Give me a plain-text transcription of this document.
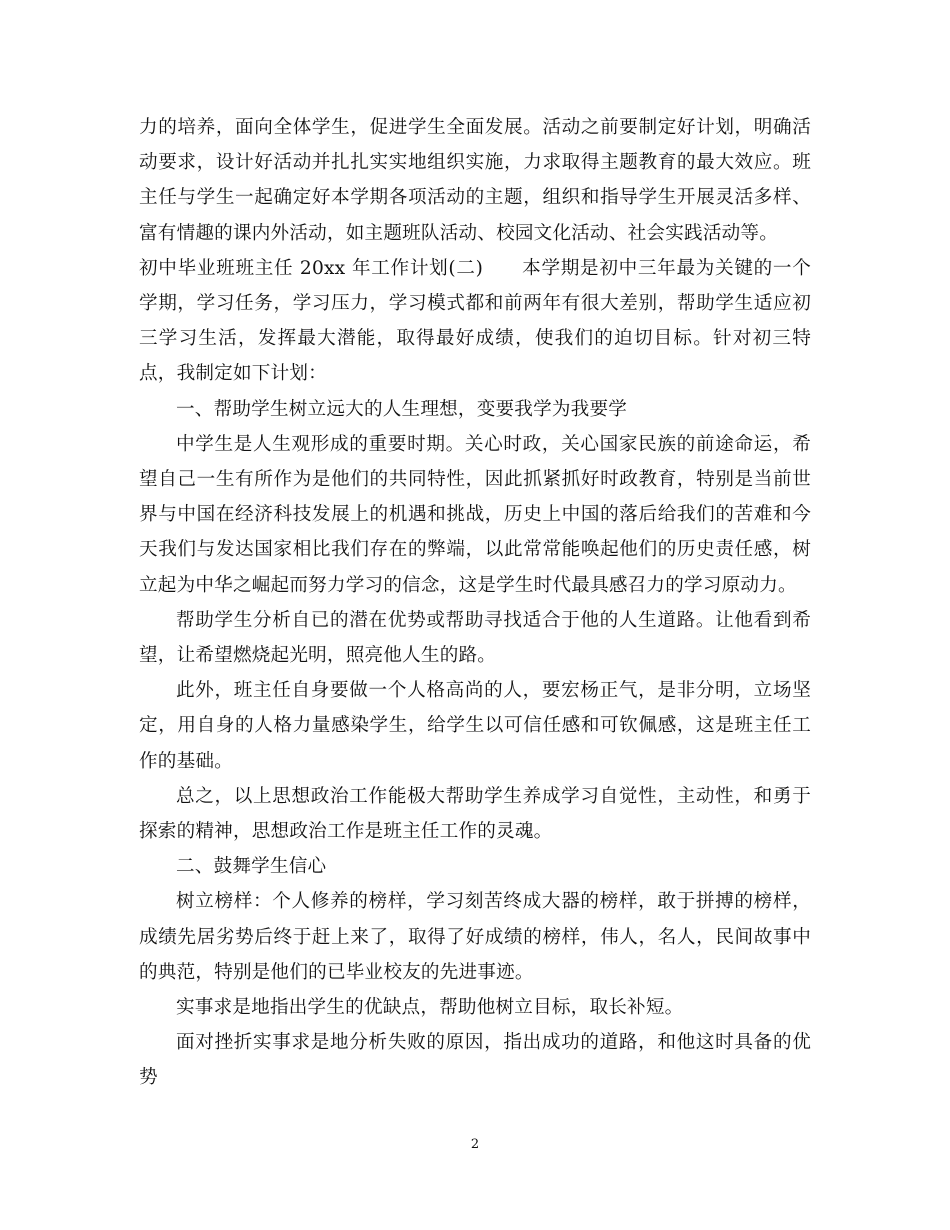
力的培养，面向全体学生，促进学生全面发展。活动之前要制定好计划，明确活动要求，设计好活动并扎扎实实地组织实施，力求取得主题教育的最大效应。班主任与学生一起确定好本学期各项活动的主题，组织和指导学生开展灵活多样、富有情趣的课内外活动，如主题班队活动、校园文化活动、社会实践活动等。

初中毕业班班主任 20xx 年工作计划(二)　　本学期是初中三年最为关键的一个学期，学习任务，学习压力，学习模式都和前两年有很大差别，帮助学生适应初三学习生活，发挥最大潜能，取得最好成绩，使我们的迫切目标。针对初三特点，我制定如下计划：

一、帮助学生树立远大的人生理想，变要我学为我要学

中学生是人生观形成的重要时期。关心时政，关心国家民族的前途命运，希望自己一生有所作为是他们的共同特性，因此抓紧抓好时政教育，特别是当前世界与中国在经济科技发展上的机遇和挑战，历史上中国的落后给我们的苦难和今天我们与发达国家相比我们存在的弊端，以此常常能唤起他们的历史责任感，树立起为中华之崛起而努力学习的信念，这是学生时代最具感召力的学习原动力。

帮助学生分析自已的潜在优势或帮助寻找适合于他的人生道路。让他看到希望，让希望燃烧起光明，照亮他人生的路。

此外，班主任自身要做一个人格高尚的人，要宏杨正气，是非分明，立场坚定，用自身的人格力量感染学生，给学生以可信任感和可钦佩感，这是班主任工作的基础。

总之，以上思想政治工作能极大帮助学生养成学习自觉性，主动性，和勇于探索的精神，思想政治工作是班主任工作的灵魂。

二、鼓舞学生信心

树立榜样：个人修养的榜样，学习刻苦终成大器的榜样，敢于拼搏的榜样，成绩先居劣势后终于赶上来了，取得了好成绩的榜样，伟人，名人，民间故事中的典范，特别是他们的已毕业校友的先进事迹。

实事求是地指出学生的优缺点，帮助他树立目标，取长补短。

面对挫折实事求是地分析失败的原因，指出成功的道路，和他这时具备的优势

2
